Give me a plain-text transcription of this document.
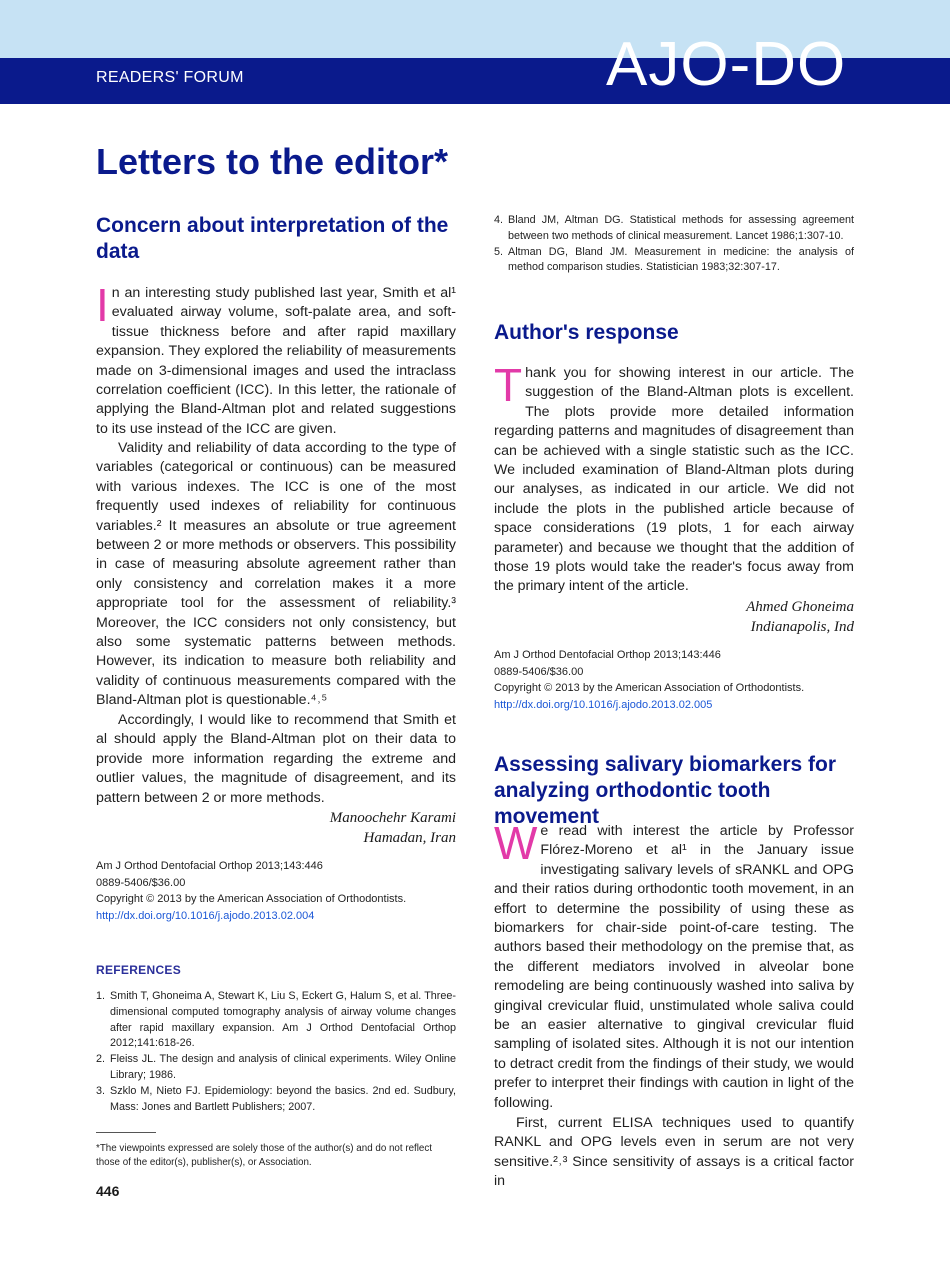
READERS' FORUM	AJO-DO
Letters to the editor*
Concern about interpretation of the data

In an interesting study published last year, Smith et al¹ evaluated airway volume, soft-palate area, and soft-tissue thickness before and after rapid maxillary expansion. They explored the reliability of measurements made on 3-dimensional images and used the intraclass correlation coefficient (ICC). In this letter, the rationale of applying the Bland-Altman plot and related suggestions to its use instead of the ICC are given.

Validity and reliability of data according to the type of variables (categorical or continuous) can be measured with various indexes. The ICC is one of the most frequently used indexes of reliability for continuous variables.² It measures an absolute or true agreement between 2 or more methods or observers. This possibility in case of measuring absolute agreement rather than only consistency and correlation makes it a more appropriate tool for the assessment of reliability.³ Moreover, the ICC considers not only consistency, but also some systematic patterns between methods. However, its indication to measure both reliability and validity of continuous measurements compared with the Bland-Altman plot is questionable.⁴˒⁵

Accordingly, I would like to recommend that Smith et al should apply the Bland-Altman plot on their data to provide more information regarding the extreme and outlier values, the magnitude of disagreement, and its pattern between 2 or more methods.

Manoochehr Karami
Hamadan, Iran
Am J Orthod Dentofacial Orthop 2013;143:446
0889-5406/$36.00
Copyright © 2013 by the American Association of Orthodontists.
http://dx.doi.org/10.1016/j.ajodo.2013.02.004
REFERENCES
1. Smith T, Ghoneima A, Stewart K, Liu S, Eckert G, Halum S, et al. Three-dimensional computed tomography analysis of airway volume changes after rapid maxillary expansion. Am J Orthod Dentofacial Orthop 2012;141:618-26.
2. Fleiss JL. The design and analysis of clinical experiments. Wiley Online Library; 1986.
3. Szklo M, Nieto FJ. Epidemiology: beyond the basics. 2nd ed. Sudbury, Mass: Jones and Bartlett Publishers; 2007.
*The viewpoints expressed are solely those of the author(s) and do not reflect those of the editor(s), publisher(s), or Association.
446
4. Bland JM, Altman DG. Statistical methods for assessing agreement between two methods of clinical measurement. Lancet 1986;1:307-10.
5. Altman DG, Bland JM. Measurement in medicine: the analysis of method comparison studies. Statistician 1983;32:307-17.
Author's response

Thank you for showing interest in our article. The suggestion of the Bland-Altman plots is excellent. The plots provide more detailed information regarding patterns and magnitudes of disagreement than can be achieved with a single statistic such as the ICC. We included examination of Bland-Altman plots during our analyses, as indicated in our article. We did not include the plots in the published article because of space considerations (19 plots, 1 for each airway parameter) and because we thought that the addition of those 19 plots would take the reader's focus away from the primary intent of the article.

Ahmed Ghoneima
Indianapolis, Ind
Am J Orthod Dentofacial Orthop 2013;143:446
0889-5406/$36.00
Copyright © 2013 by the American Association of Orthodontists.
http://dx.doi.org/10.1016/j.ajodo.2013.02.005
Assessing salivary biomarkers for analyzing orthodontic tooth movement

We read with interest the article by Professor Flórez-Moreno et al¹ in the January issue investigating salivary levels of sRANKL and OPG and their ratios during orthodontic tooth movement, in an effort to determine the possibility of using these as biomarkers for chair-side point-of-care testing. The authors based their methodology on the premise that, as the different mediators involved in alveolar bone remodeling are being continuously washed into saliva by gingival crevicular fluid, unstimulated whole saliva could be an easier alternative to gingival crevicular fluid sampling of isolated sites. Although it is not our intention to detract credit from the findings of their study, we would prefer to interpret their findings with caution in light of the following.

First, current ELISA techniques used to quantify RANKL and OPG levels even in serum are not very sensitive.²˒³ Since sensitivity of assays is a critical factor in
